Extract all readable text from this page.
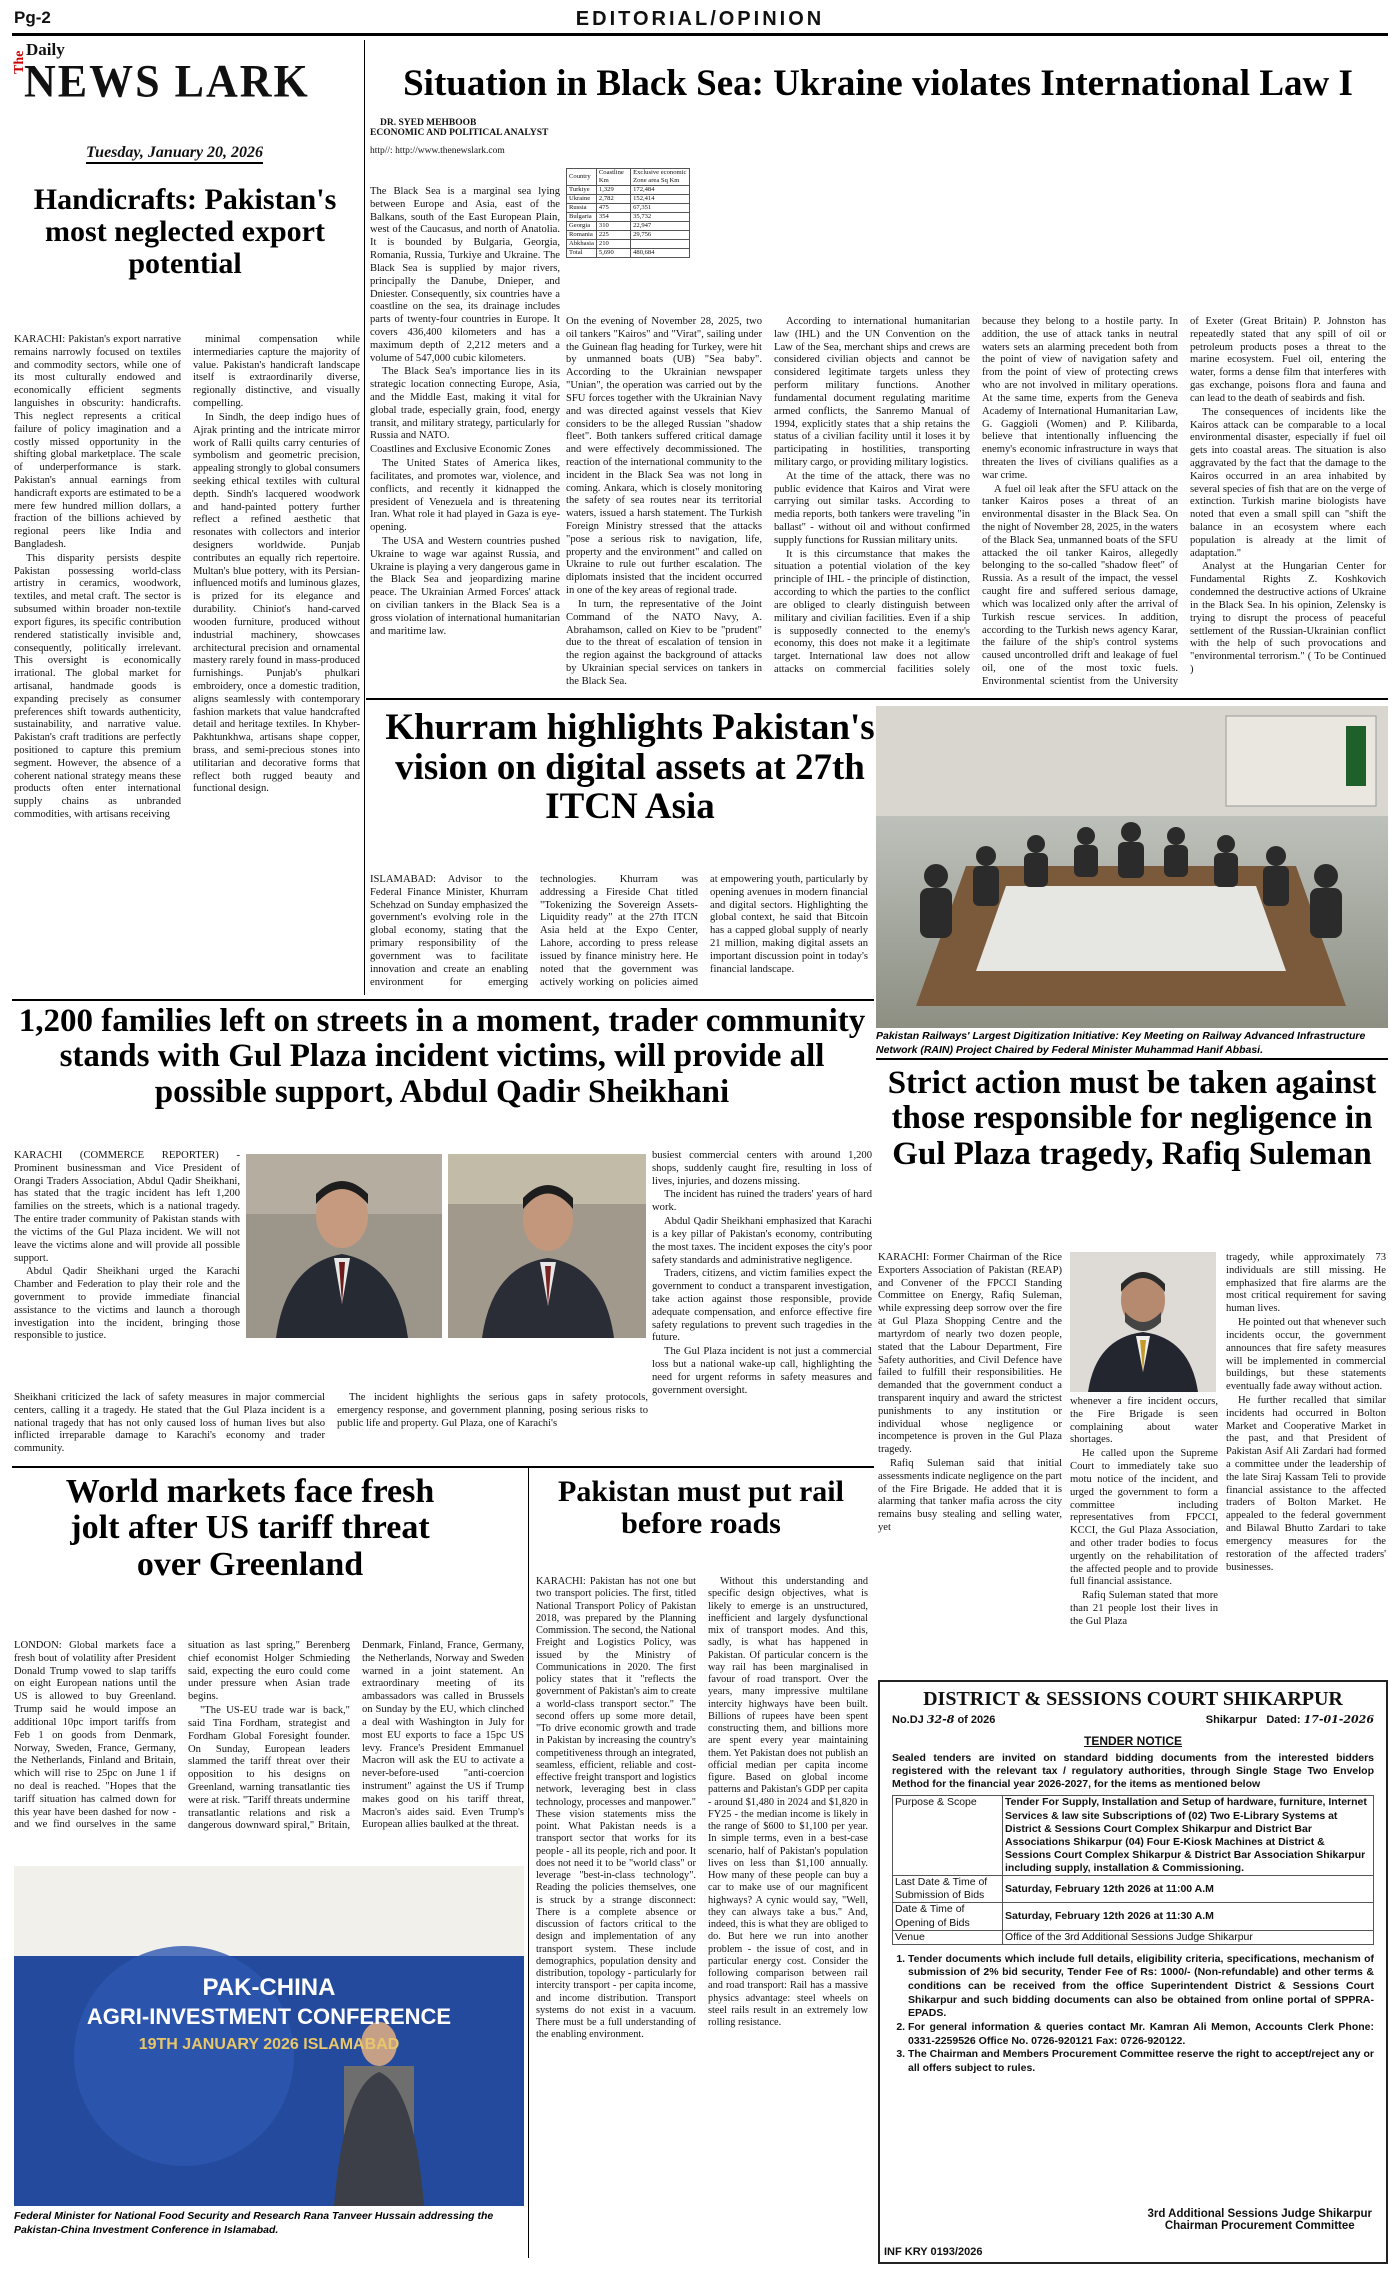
Pg-2	EDITORIAL/OPINION
The
Daily
NEWS LARK
Tuesday, January 20, 2026
Handicrafts: Pakistan's most neglected export potential

KARACHI: Pakistan's export narrative remains narrowly focused on textiles and commodity sectors, while one of its most culturally endowed and economically efficient segments languishes in obscurity: handicrafts. This neglect represents a critical failure of policy imagination and a costly missed opportunity in the shifting global marketplace. The scale of underperformance is stark. Pakistan's annual earnings from handicraft exports are estimated to be a mere few hundred million dollars, a fraction of the billions achieved by regional peers like India and Bangladesh.

This disparity persists despite Pakistan possessing world-class artistry in ceramics, woodwork, textiles, and metal craft. The sector is subsumed within broader non-textile export figures, its specific contribution rendered statistically invisible and, consequently, politically irrelevant. This oversight is economically irrational. The global market for artisanal, handmade goods is expanding precisely as consumer preferences shift towards authenticity, sustainability, and narrative value. Pakistan's craft traditions are perfectly positioned to capture this premium segment. However, the absence of a coherent national strategy means these products often enter international supply chains as unbranded commodities, with artisans receiving

minimal compensation while intermediaries capture the majority of value. Pakistan's handicraft landscape itself is extraordinarily diverse, regionally distinctive, and visually compelling.

In Sindh, the deep indigo hues of Ajrak printing and the intricate mirror work of Ralli quilts carry centuries of symbolism and geometric precision, appealing strongly to global consumers seeking ethical textiles with cultural depth. Sindh's lacquered woodwork and hand-painted pottery further reflect a refined aesthetic that resonates with collectors and interior designers worldwide. Punjab contributes an equally rich repertoire. Multan's blue pottery, with its Persian-influenced motifs and luminous glazes, is prized for its elegance and durability. Chiniot's hand-carved wooden furniture, produced without industrial machinery, showcases architectural precision and ornamental mastery rarely found in mass-produced furnishings. Punjab's phulkari embroidery, once a domestic tradition, aligns seamlessly with contemporary fashion markets that value handcrafted detail and heritage textiles. In Khyber-Pakhtunkhwa, artisans shape copper, brass, and semi-precious stones into utilitarian and decorative forms that reflect both rugged beauty and functional design.

Situation in Black Sea: Ukraine violates International Law I
DR. SYED MEHBOOB
ECONOMIC AND POLITICAL ANALYST
http//: http://www.thenewslark.com
Country	Coastline Km	Exclusive economic Zone area Sq Km
Turkiye	1,329	172,484
Ukraine	2,782	152,414
Russia	475	67,351
Bulgaria	354	35,732
Georgia	310	22,947
Romania	225	29,756
Abkhasia	210	
Total	5,690	480,684

The Black Sea is a marginal sea lying between Europe and Asia, east of the Balkans, south of the East European Plain, west of the Caucasus, and north of Anatolia. It is bounded by Bulgaria, Georgia, Romania, Russia, Turkiye and Ukraine. The Black Sea is supplied by major rivers, principally the Danube, Dnieper, and Dniester. Consequently, six countries have a coastline on the sea, its drainage includes parts of twenty-four countries in Europe. It covers 436,400 kilometers and has a maximum depth of 2,212 meters and a volume of 547,000 cubic kilometers.

The Black Sea's importance lies in its strategic location connecting Europe, Asia, and the Middle East, making it vital for global trade, especially grain, food, energy transit, and military strategy, particularly for Russia and NATO.

Coastlines and Exclusive Economic Zones

The United States of America likes, facilitates, and promotes war, violence, and conflicts, and recently it kidnapped the president of Venezuela and is threatening Iran. What role it had played in Gaza is eye-opening.

The USA and Western countries pushed Ukraine to wage war against Russia, and Ukraine is playing a very dangerous game in the Black Sea and jeopardizing marine peace. The Ukrainian Armed Forces' attack on civilian tankers in the Black Sea is a gross violation of international humanitarian and maritime law.

On the evening of November 28, 2025, two oil tankers "Kairos" and "Virat", sailing under the Guinean flag heading for Turkey, were hit by unmanned boats (UB) "Sea baby". According to the Ukrainian newspaper "Unian", the operation was carried out by the SFU forces together with the Ukrainian Navy and was directed against vessels that Kiev considers to be the alleged Russian "shadow fleet". Both tankers suffered critical damage and were effectively decommissioned. The reaction of the international community to the incident in the Black Sea was not long in coming. Ankara, which is closely monitoring the safety of sea routes near its territorial waters, issued a harsh statement. The Turkish Foreign Ministry stressed that the attacks "pose a serious risk to navigation, life, property and the environment" and called on Ukraine to rule out further escalation. The diplomats insisted that the incident occurred in one of the key areas of regional trade.

In turn, the representative of the Joint Command of the NATO Navy, A. Abrahamson, called on Kiev to be "prudent" due to the threat of escalation of tension in the region against the background of attacks by Ukrainian special services on tankers in the Black Sea.

According to international humanitarian law (IHL) and the UN Convention on the Law of the Sea, merchant ships and crews are considered civilian objects and cannot be considered legitimate targets unless they perform military functions. Another fundamental document regulating maritime armed conflicts, the Sanremo Manual of 1994, explicitly states that a ship retains the status of a civilian facility until it loses it by participating in hostilities, transporting military cargo, or providing military logistics.

At the time of the attack, there was no public evidence that Kairos and Virat were carrying out similar tasks. According to media reports, both tankers were traveling "in ballast" - without oil and without confirmed supply functions for Russian military units.

It is this circumstance that makes the situation a potential violation of the key principle of IHL - the principle of distinction, according to which the parties to the conflict are obliged to clearly distinguish between military and civilian facilities. Even if a ship is supposedly connected to the enemy's economy, this does not make it a legitimate target. International law does not allow attacks on commercial facilities solely because they belong to a hostile party. In addition, the use of attack tanks in neutral waters sets an alarming precedent both from the point of view of navigation safety and from the point of view of protecting crews who are not involved in military operations. At the same time, experts from the Geneva Academy of International Humanitarian Law, G. Gaggioli (Women) and P. Kilibarda, believe that intentionally influencing the enemy's economic infrastructure in ways that threaten the lives of civilians qualifies as a war crime.

A fuel oil leak after the SFU attack on the tanker Kairos poses a threat of an environmental disaster in the Black Sea. On the night of November 28, 2025, in the waters of the Black Sea, unmanned boats of the SFU attacked the oil tanker Kairos, allegedly belonging to the so-called "shadow fleet" of Russia. As a result of the impact, the vessel caught fire and suffered serious damage, which was localized only after the arrival of Turkish rescue services. In addition, according to the Turkish news agency Karar, the failure of the ship's control systems caused uncontrolled drift and leakage of fuel oil, one of the most toxic fuels. Environmental scientist from the University of Exeter (Great Britain) P. Johnston has repeatedly stated that any spill of oil or petroleum products poses a threat to the marine ecosystem. Fuel oil, entering the water, forms a dense film that interferes with gas exchange, poisons flora and fauna and can lead to the death of seabirds and fish.

The consequences of incidents like the Kairos attack can be comparable to a local environmental disaster, especially if fuel oil gets into coastal areas. The situation is also aggravated by the fact that the damage to the Kairos occurred in an area inhabited by several species of fish that are on the verge of extinction. Turkish marine biologists have noted that even a small spill can "shift the balance in an ecosystem where each population is already at the limit of adaptation."

Analyst at the Hungarian Center for Fundamental Rights Z. Koshkovich condemned the destructive actions of Ukraine in the Black Sea. In his opinion, Zelensky is trying to disrupt the process of peaceful settlement of the Russian-Ukrainian conflict with the help of such provocations and "environmental terrorism." ( To be Continued )

Khurram highlights Pakistan's vision on digital assets at 27th ITCN Asia

ISLAMABAD: Advisor to the Federal Finance Minister, Khurram Schehzad on Sunday emphasized the government's evolving role in the global economy, stating that the primary responsibility of the government was to facilitate innovation and create an enabling environment for emerging technologies. Khurram was addressing a Fireside Chat titled "Tokenizing the Sovereign Assets-Liquidity ready" at the 27th ITCN Asia held at the Expo Center, Lahore, according to press release issued by finance ministry here. He noted that the government was actively working on policies aimed at empowering youth, particularly by opening avenues in modern financial and digital sectors. Highlighting the global context, he said that Bitcoin has a capped global supply of nearly 21 million, making digital assets an important discussion point in today's financial landscape.

Pakistan Railways' Largest Digitization Initiative: Key Meeting on Railway Advanced Infrastructure Network (RAIN) Project Chaired by Federal Minister Muhammad Hanif Abbasi.
1,200 families left on streets in a moment, trader community stands with Gul Plaza incident victims, will provide all possible support, Abdul Qadir Sheikhani

KARACHI (COMMERCE REPORTER) - Prominent businessman and Vice President of Orangi Traders Association, Abdul Qadir Sheikhani, has stated that the tragic incident has left 1,200 families on the streets, which is a national tragedy. The entire trader community of Pakistan stands with the victims of the Gul Plaza incident. We will not leave the victims alone and will provide all possible support.

Abdul Qadir Sheikhani urged the Karachi Chamber and Federation to play their role and the government to provide immediate financial assistance to the victims and launch a thorough investigation into the incident, bringing those responsible to justice.

busiest commercial centers with around 1,200 shops, suddenly caught fire, resulting in loss of lives, injuries, and dozens missing.

The incident has ruined the traders' years of hard work.

Abdul Qadir Sheikhani emphasized that Karachi is a key pillar of Pakistan's economy, contributing the most taxes. The incident exposes the city's poor safety standards and administrative negligence.

Traders, citizens, and victim families expect the government to conduct a transparent investigation, take action against those responsible, provide adequate compensation, and enforce effective fire safety regulations to prevent such tragedies in the future.

The Gul Plaza incident is not just a commercial loss but a national wake-up call, highlighting the need for urgent reforms in safety measures and government oversight.

Sheikhani criticized the lack of safety measures in major commercial centers, calling it a tragedy. He stated that the Gul Plaza incident is a national tragedy that has not only caused loss of human lives but also inflicted irreparable damage to Karachi's economy and trader community.

The incident highlights the serious gaps in safety protocols, emergency response, and government planning, posing serious risks to public life and property. Gul Plaza, one of Karachi's

Strict action must be taken against those responsible for negligence in Gul Plaza tragedy, Rafiq Suleman

KARACHI: Former Chairman of the Rice Exporters Association of Pakistan (REAP) and Convener of the FPCCI Standing Committee on Energy, Rafiq Suleman, while expressing deep sorrow over the fire at Gul Plaza Shopping Centre and the martyrdom of nearly two dozen people, stated that the Labour Department, Fire Safety authorities, and Civil Defence have failed to fulfill their responsibilities. He demanded that the government conduct a transparent inquiry and award the strictest punishments to any institution or individual whose negligence or incompetence is proven in the Gul Plaza tragedy.

Rafiq Suleman said that initial assessments indicate negligence on the part of the Fire Brigade. He added that it is alarming that tanker mafia across the city remains busy stealing and selling water, yet

whenever a fire incident occurs, the Fire Brigade is seen complaining about water shortages.

He called upon the Supreme Court to immediately take suo motu notice of the incident, and urged the government to form a committee including representatives from FPCCI, KCCI, the Gul Plaza Association, and other trader bodies to focus urgently on the rehabilitation of the affected people and to provide full financial assistance.

Rafiq Suleman stated that more than 21 people lost their lives in the Gul Plaza

tragedy, while approximately 73 individuals are still missing. He emphasized that fire alarms are the most critical requirement for saving human lives.

He pointed out that whenever such incidents occur, the government announces that fire safety measures will be implemented in commercial buildings, but these statements eventually fade away without action.

He further recalled that similar incidents had occurred in Bolton Market and Cooperative Market in the past, and that President of Pakistan Asif Ali Zardari had formed a committee under the leadership of the late Siraj Kassam Teli to provide financial assistance to the affected traders of Bolton Market. He appealed to the federal government and Bilawal Bhutto Zardari to take emergency measures for the restoration of the affected traders' businesses.

World markets face fresh jolt after US tariff threat over Greenland

LONDON: Global markets face a fresh bout of volatility after President Donald Trump vowed to slap tariffs on eight European nations until the US is allowed to buy Greenland. Trump said he would impose an additional 10pc import tariffs from Feb 1 on goods from Denmark, Norway, Sweden, France, Germany, the Netherlands, Finland and Britain, which will rise to 25pc on June 1 if no deal is reached. "Hopes that the tariff situation has calmed down for this year have been dashed for now - and we find ourselves in the same situation as last spring," Berenberg chief economist Holger Schmieding said, expecting the euro could come under pressure when Asian trade begins.

"The US-EU trade war is back," said Tina Fordham, strategist and Fordham Global Foresight founder. On Sunday, European leaders slammed the tariff threat over their opposition to his designs on Greenland, warning transatlantic ties were at risk. "Tariff threats undermine transatlantic relations and risk a dangerous downward spiral," Britain, Denmark, Finland, France, Germany, the Netherlands, Norway and Sweden warned in a joint statement. An extraordinary meeting of its ambassadors was called in Brussels on Sunday by the EU, which clinched a deal with Washington in July for most EU exports to face a 15pc US levy. France's President Emmanuel Macron will ask the EU to activate a never-before-used "anti-coercion instrument" against the US if Trump makes good on his tariff threat, Macron's aides said. Even Trump's European allies baulked at the threat.

PAK-CHINA
AGRI-INVESTMENT CONFERENCE
19TH JANUARY 2026 ISLAMABAD
Federal Minister for National Food Security and Research Rana Tanveer Hussain addressing the Pakistan-China Investment Conference in Islamabad.
Pakistan must put rail before roads

KARACHI: Pakistan has not one but two transport policies. The first, titled National Transport Policy of Pakistan 2018, was prepared by the Planning Commission. The second, the National Freight and Logistics Policy, was issued by the Ministry of Communications in 2020. The first policy states that it "reflects the government of Pakistan's aim to create a world-class transport sector." The second offers up some more detail, "To drive economic growth and trade in Pakistan by increasing the country's competitiveness through an integrated, seamless, efficient, reliable and cost-effective freight transport and logistics network, leveraging best in class technology, processes and manpower." These vision statements miss the point. What Pakistan needs is a transport sector that works for its people - all its people, rich and poor. It does not need it to be "world class" or leverage "best-in-class technology". Reading the policies themselves, one is struck by a strange disconnect: There is a complete absence or discussion of factors critical to the design and implementation of any transport system. These include demographics, population density and distribution, topology - particularly for intercity transport - per capita income, and income distribution. Transport systems do not exist in a vacuum. There must be a full understanding of the enabling environment.

Without this understanding and specific design objectives, what is likely to emerge is an unstructured, inefficient and largely dysfunctional mix of transport modes. And this, sadly, is what has happened in Pakistan. Of particular concern is the way rail has been marginalised in favour of road transport. Over the years, many impressive multilane intercity highways have been built. Billions of rupees have been spent constructing them, and billions more are spent every year maintaining them. Yet Pakistan does not publish an official median per capita income figure. Based on global income patterns and Pakistan's GDP per capita - around $1,480 in 2024 and $1,820 in FY25 - the median income is likely in the range of $600 to $1,100 per year. In simple terms, even in a best-case scenario, half of Pakistan's population lives on less than $1,100 annually. How many of these people can buy a car to make use of our magnificent highways? A cynic would say, "Well, they can always take a bus." And, indeed, this is what they are obliged to do. But here we run into another problem - the issue of cost, and in particular energy cost. Consider the following comparison between rail and road transport: Rail has a massive physics advantage: steel wheels on steel rails result in an extremely low rolling resistance.

DISTRICT & SESSIONS COURT SHIKARPUR
No.DJ 32-8 of 2026	Shikarpur Dated: 17-01-2026
TENDER NOTICE
Sealed tenders are invited on standard bidding documents from the interested bidders registered with the relevant tax / regulatory authorities, through Single Stage Two Envelop Method for the financial year 2026-2027, for the items as mentioned below
Purpose & Scope	Tender For Supply, Installation and Setup of hardware, furniture, Internet Services & law site Subscriptions of (02) Two E-Library Systems at District & Sessions Court Complex Shikarpur and District Bar Associations Shikarpur (04) Four E-Kiosk Machines at District & Sessions Court Complex Shikarpur & District Bar Association Shikarpur including supply, installation & Commissioning.
Last Date & Time of Submission of Bids	Saturday, February 12th 2026 at 11:00 A.M
Date & Time of Opening of Bids	Saturday, February 12th 2026 at 11:30 A.M
Venue	Office of the 3rd Additional Sessions Judge Shikarpur
1. Tender documents which include full details, eligibility criteria, specifications, mechanism of submission of 2% bid security, Tender Fee of Rs: 1000/- (Non-refundable) and other terms & conditions can be received from the office Superintendent District & Sessions Court Shikarpur and such bidding documents can also be obtained from online portal of SPPRA-EPADS.
2. For general information & queries contact Mr. Kamran Ali Memon, Accounts Clerk Phone: 0331-2259526 Office No. 0726-920121 Fax: 0726-920122.
3. The Chairman and Members Procurement Committee reserve the right to accept/reject any or all offers subject to rules.
3rd Additional Sessions Judge Shikarpur
Chairman Procurement Committee
INF KRY 0193/2026
